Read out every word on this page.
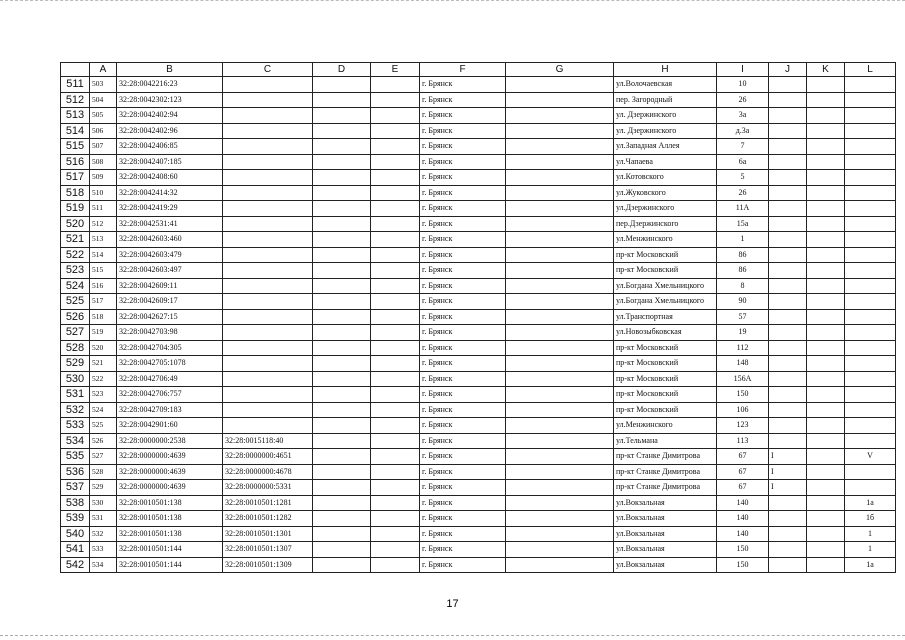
	A	B	C	D	E	F	G	H	I	J	K	L
511	503	32:28:0042216:23				г. Брянск		ул.Волочаевская	10			
512	504	32:28:0042302:123				г. Брянск		пер. Загородный	26			
513	505	32:28:0042402:94				г. Брянск		ул. Дзержинского	3а			
514	506	32:28:0042402:96				г. Брянск		ул. Дзержинского	д.3а			
515	507	32:28:0042406:85				г. Брянск		ул.Западная Аллея	7			
516	508	32:28:0042407:185				г. Брянск		ул.Чапаева	6а			
517	509	32:28:0042408:60				г. Брянск		ул.Котовского	5			
518	510	32:28:0042414:32				г. Брянск		ул.Жуковского	26			
519	511	32:28:0042419:29				г. Брянск		ул.Дзержинского	11А			
520	512	32:28:0042531:41				г. Брянск		пер.Дзержинского	15а			
521	513	32:28:0042603:460				г. Брянск		ул.Менжинского	1			
522	514	32:28:0042603:479				г. Брянск		пр-кт Московский	86			
523	515	32:28:0042603:497				г. Брянск		пр-кт Московский	86			
524	516	32:28:0042609:11				г. Брянск		ул.Богдана Хмельницкого	8			
525	517	32:28:0042609:17				г. Брянск		ул.Богдана Хмельницкого	90			
526	518	32:28:0042627:15				г. Брянск		ул.Транспортная	57			
527	519	32:28:0042703:98				г. Брянск		ул.Новозыбковская	19			
528	520	32:28:0042704:305				г. Брянск		пр-кт Московский	112			
529	521	32:28:0042705:1078				г. Брянск		пр-кт Московский	148			
530	522	32:28:0042706:49				г. Брянск		пр-кт Московский	156А			
531	523	32:28:0042706:757				г. Брянск		пр-кт Московский	150			
532	524	32:28:0042709:183				г. Брянск		пр-кт Московский	106			
533	525	32:28:0042901:60				г. Брянск		ул.Менжинского	123			
534	526	32:28:0000000:2538	32:28:0015118:40			г. Брянск		ул.Тельмана	113			
535	527	32:28:0000000:4639	32:28:0000000:4651			г. Брянск		пр-кт Станке Димитрова	67	I		V
536	528	32:28:0000000:4639	32:28:0000000:4678			г. Брянск		пр-кт Станке Димитрова	67	I		
537	529	32:28:0000000:4639	32:28:0000000:5331			г. Брянск		пр-кт Станке Димитрова	67	I		
538	530	32:28:0010501:138	32:28:0010501:1281			г. Брянск		ул.Вокзальная	140			1а
539	531	32:28:0010501:138	32:28:0010501:1282			г. Брянск		ул.Вокзальная	140			1б
540	532	32:28:0010501:138	32:28:0010501:1301			г. Брянск		ул.Вокзальная	140			1
541	533	32:28:0010501:144	32:28:0010501:1307			г. Брянск		ул.Вокзальная	150			1
542	534	32:28:0010501:144	32:28:0010501:1309			г. Брянск		ул.Вокзальная	150			1а
17
